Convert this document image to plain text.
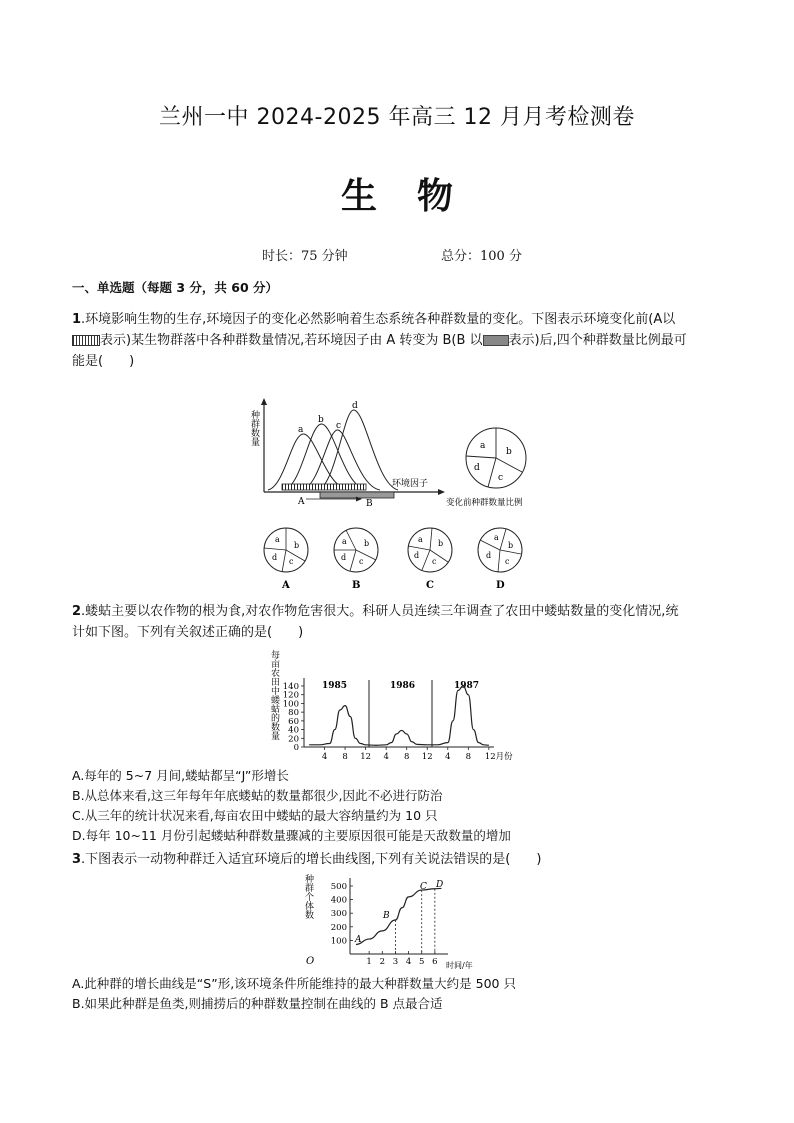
兰州一中 2024-2025 年高三 12 月月考检测卷
生物
时长：75 分钟	总分：100 分
一、单选题（每题 3 分，共 60 分）
1.环境影响生物的生存,环境因子的变化必然影响着生态系统各种群数量的变化。下图表示环境变化前(A以
表示)某生物群落中各种群数量情况,若环境因子由 A 转变为 B(B 以 表示)后,四个种群数量比例最可
能是(　　)
种群数量	a
b
c
d
A	B
环境因子
a
b
c
d
变化前种群数量比例
a
b
c
d
a b
c
d
a b
c
d
a
b
c
d
A	B	C	D
2.蝼蛄主要以农作物的根为食,对农作物危害很大。科研人员连续三年调查了农田中蝼蛄数量的变化情况,统
计如下图。下列有关叙述正确的是(　　)
每亩农田中蝼蛄的数量
0
20
40
60
80
100
120
140
4 8 12 4 8 12 4 8 12月份
1985	1986	1987
A.每年的 5~7 月间,蝼蛄都呈“J”形增长
B.从总体来看,这三年每年年底蝼蛄的数量都很少,因此不必进行防治
C.从三年的统计状况来看,每亩农田中蝼蛄的最大容纳量约为 10 只
D.每年 10~11 月份引起蝼蛄种群数量骤减的主要原因很可能是天敌数量的增加
3.下图表示一动物种群迁入适宜环境后的增长曲线图,下列有关说法错误的是(　　)
种群个体数
O	时间/年
100
200
300
400
500
1 2 3 4 5 6
A
B
C D
A.此种群的增长曲线是“S”形,该环境条件所能维持的最大种群数量大约是 500 只
B.如果此种群是鱼类,则捕捞后的种群数量控制在曲线的 B 点最合适
